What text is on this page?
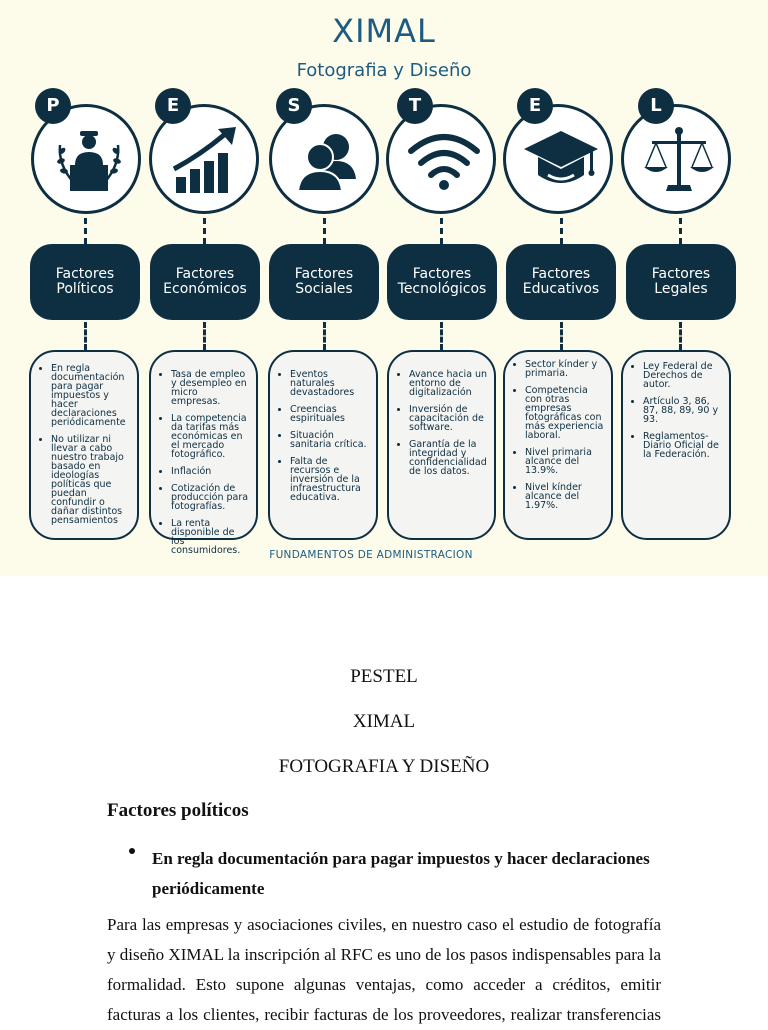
XIMAL
Fotografia y Diseño
P
Factores
Políticos
• En regla documentación para pagar impuestos y hacer declaraciones periódicamente
• No utilizar ni llevar a cabo nuestro trabajo basado en ideologías políticas que puedan confundir o dañar distintos pensamientos
E
Factores
Económicos
• Tasa de empleo y desempleo en micro empresas.
• La competencia da tarifas más económicas en el mercado fotográfico.
• Inflación
• Cotización de producción para fotografías.
• La renta disponible de los consumidores.
S
Factores
Sociales
• Eventos naturales devastadores
• Creencias espirituales
• Situación sanitaria crítica.
• Falta de recursos e inversión de la infraestructura educativa.
T
Factores
Tecnológicos
• Avance hacia un entorno de digitalización
• Inversión de capacitación de software.
• Garantía de la integridad y confidencialidad de los datos.
E
Factores
Educativos
• Sector kínder y primaria.
• Competencia con otras empresas fotográficas con más experiencia laboral.
• Nivel primaria alcance del 13.9%.
• Nivel kínder alcance del 1.97%.
L
Factores
Legales
• Ley Federal de Derechos de autor.
• Artículo 3, 86, 87, 88, 89, 90 y 93.
• Reglamentos- Diario Oficial de la Federación.
FUNDAMENTOS DE ADMINISTRACION
PESTEL
XIMAL
FOTOGRAFIA Y DISEÑO
Factores políticos
En regla documentación para pagar impuestos y hacer declaraciones periódicamente
Para las empresas y asociaciones civiles, en nuestro caso el estudio de fotografía y diseño XIMAL la inscripción al RFC es uno de los pasos indispensables para la formalidad. Esto supone algunas ventajas, como acceder a créditos, emitir facturas a los clientes, recibir facturas de los proveedores, realizar transferencias
